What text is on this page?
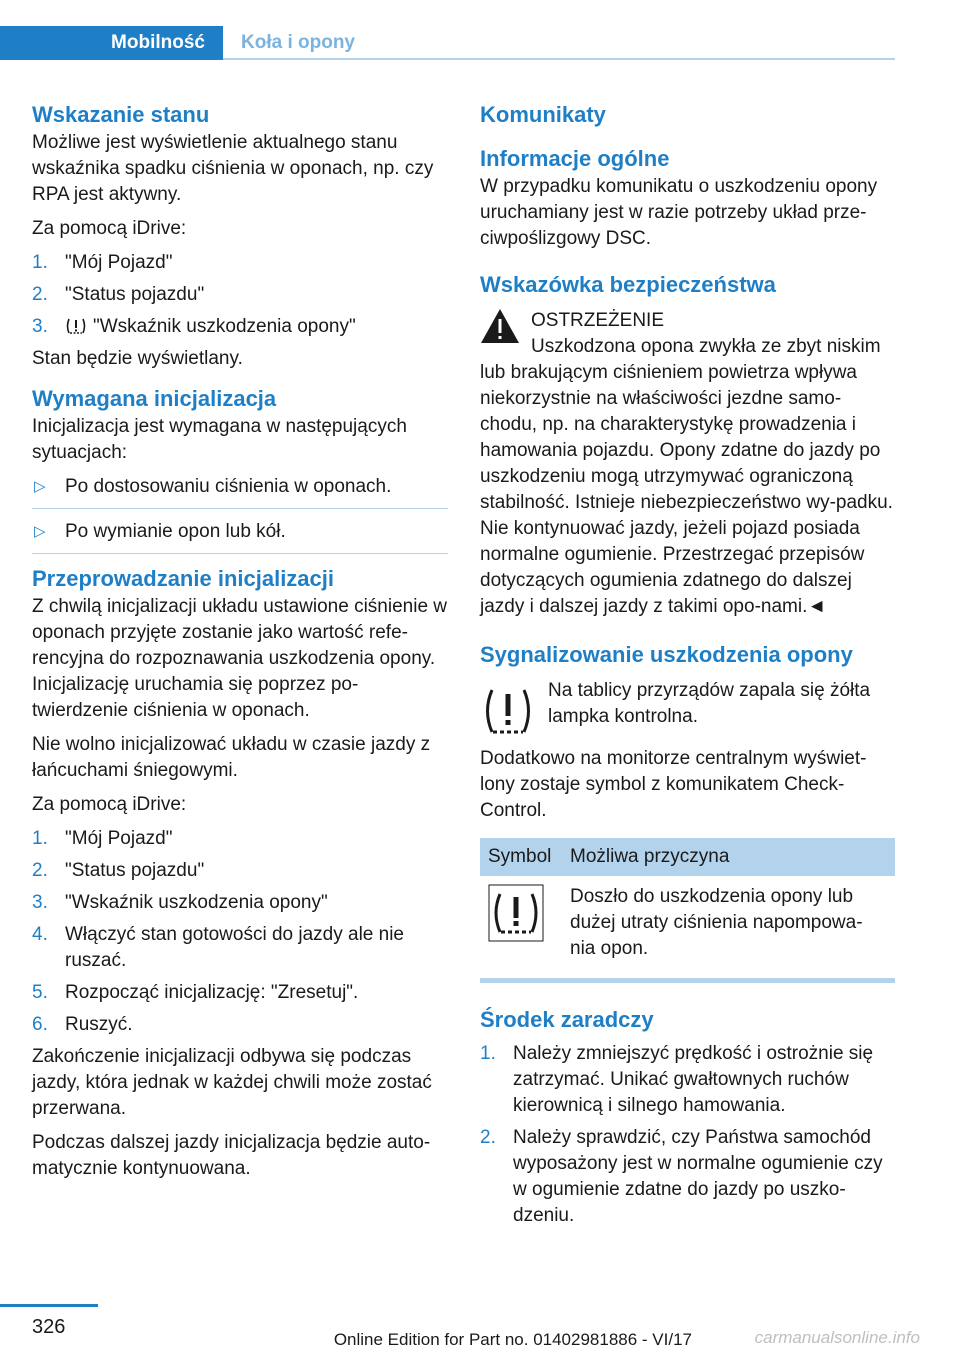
Mobilność	Koła i opony
Wskazanie stanu

Możliwe jest wyświetlenie aktualnego stanu wskaźnika spadku ciśnienia w oponach, np. czy RPA jest aktywny.

Za pomocą iDrive:

1. "Mój Pojazd"
2. "Status pojazdu"
3. "Wskaźnik uszkodzenia opony"

Stan będzie wyświetlany.

Wymagana inicjalizacja

Inicjalizacja jest wymagana w następujących sytuacjach:

▷ Po dostosowaniu ciśnienia w oponach.
▷ Po wymianie opon lub kół.
Przeprowadzanie inicjalizacji

Z chwilą inicjalizacji układu ustawione ciśnienie w oponach przyjęte zostanie jako wartość refe-rencyjna do rozpoznawania uszkodzenia opony. Inicjalizację uruchamia się poprzez po-twierdzenie ciśnienia w oponach.

Nie wolno inicjalizować układu w czasie jazdy z łańcuchami śniegowymi.

Za pomocą iDrive:

1. "Mój Pojazd"
2. "Status pojazdu"
3. "Wskaźnik uszkodzenia opony"
4. Włączyć stan gotowości do jazdy ale nie ruszać.
5. Rozpocząć inicjalizację: "Zresetuj".
6. Ruszyć.

Zakończenie inicjalizacji odbywa się podczas jazdy, która jednak w każdej chwili może zostać przerwana.

Podczas dalszej jazdy inicjalizacja będzie auto-matycznie kontynuowana.

Komunikaty
Informacje ogólne

W przypadku komunikatu o uszkodzeniu opony uruchamiany jest w razie potrzeby układ prze-ciwpoślizgowy DSC.

Wskazówka bezpieczeństwa

OSTRZEŻENIE

Uszkodzona opona zwykła ze zbyt niskim lub brakującym ciśnieniem powietrza wpływa niekorzystnie na właściwości jezdne samo-chodu, np. na charakterystykę prowadzenia i hamowania pojazdu. Opony zdatne do jazdy po uszkodzeniu mogą utrzymywać ograniczoną stabilność. Istnieje niebezpieczeństwo wy-padku. Nie kontynuować jazdy, jeżeli pojazd posiada normalne ogumienie. Przestrzegać przepisów dotyczących ogumienia zdatnego do dalszej jazdy i dalszej jazdy z takimi opo-nami.◄

Sygnalizowanie uszkodzenia opony

Na tablicy przyrządów zapala się żółta lampka kontrolna.

Dodatkowo na monitorze centralnym wyświet-lony zostaje symbol z komunikatem Check-Control.

Symbol	Możliwa przyczyna
	Doszło do uszkodzenia opony lub dużej utraty ciśnienia napompowa-nia opon.
Środek zaradczy
1. Należy zmniejszyć prędkość i ostrożnie się zatrzymać. Unikać gwałtownych ruchów kierownicą i silnego hamowania.
2. Należy sprawdzić, czy Państwa samochód wyposażony jest w normalne ogumienie czy w ogumienie zdatne do jazdy po uszko-dzeniu.
326
Online Edition for Part no. 01402981886 - VI/17	carmanualsonline.info
